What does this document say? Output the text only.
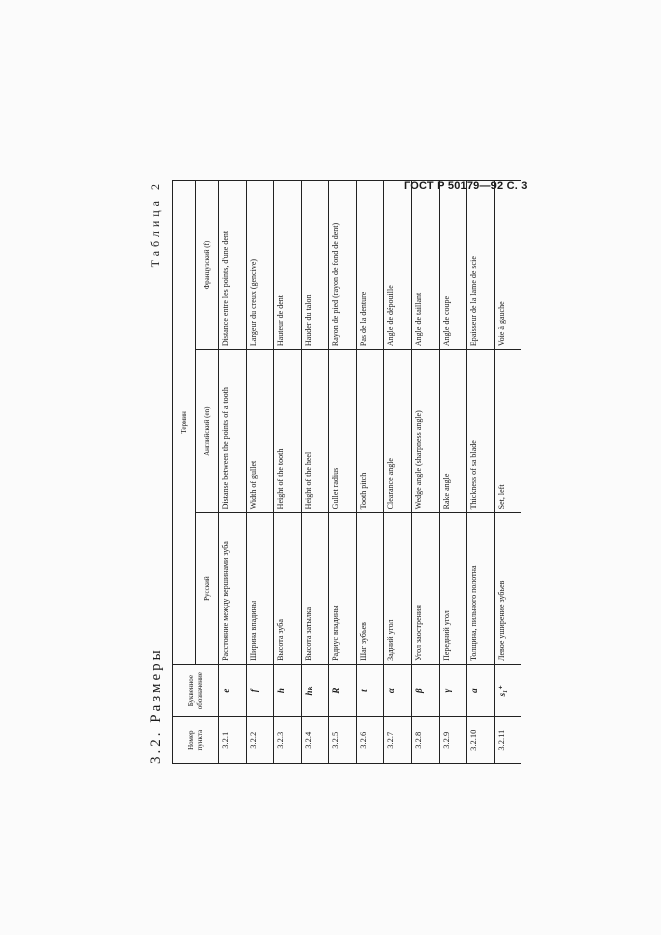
ГОСТ Р 50179—92 С. 3
3.2. Размеры
Таблица 2
Номер пункта	Буквенное обозначение	Термин		
		Русский	Английский (en)	Французский (f)
3.2.1	e	Расстояние между вершинами зуба	Distanse between the points of a tooth	Distance entre les points, d'une dent
3.2.2	f	Ширина впадины	Width of gullet	Largeur du creux (gencive)
3.2.3	h	Высота зуба	Height of the tooth	Hauteur de dent
3.2.4	hₖ	Высота затылка	Height of the heel	Hauder du talon
3.2.5	R	Радиус впадины	Gullet radius	Rayon de pied (rayon de fond de dent)
3.2.6	t	Шаг зубьев	Tooth pitch	Pas de la denture
3.2.7	α	Задний угол	Clearance angle	Angle de dépouille
3.2.8	β	Угол заострения	Wedge angle (sharpness angle)	Angle de taillant
3.2.9	γ	Передний угол	Rake angle	Angle de coupe
3.2.10	a	Толщина, пильного полотна	Thickness of sa blade	Epaisseur de la lame de scie
3.2.11	s₁⁺	Левое уширение зубьев	Set, left	Voie à gauche
